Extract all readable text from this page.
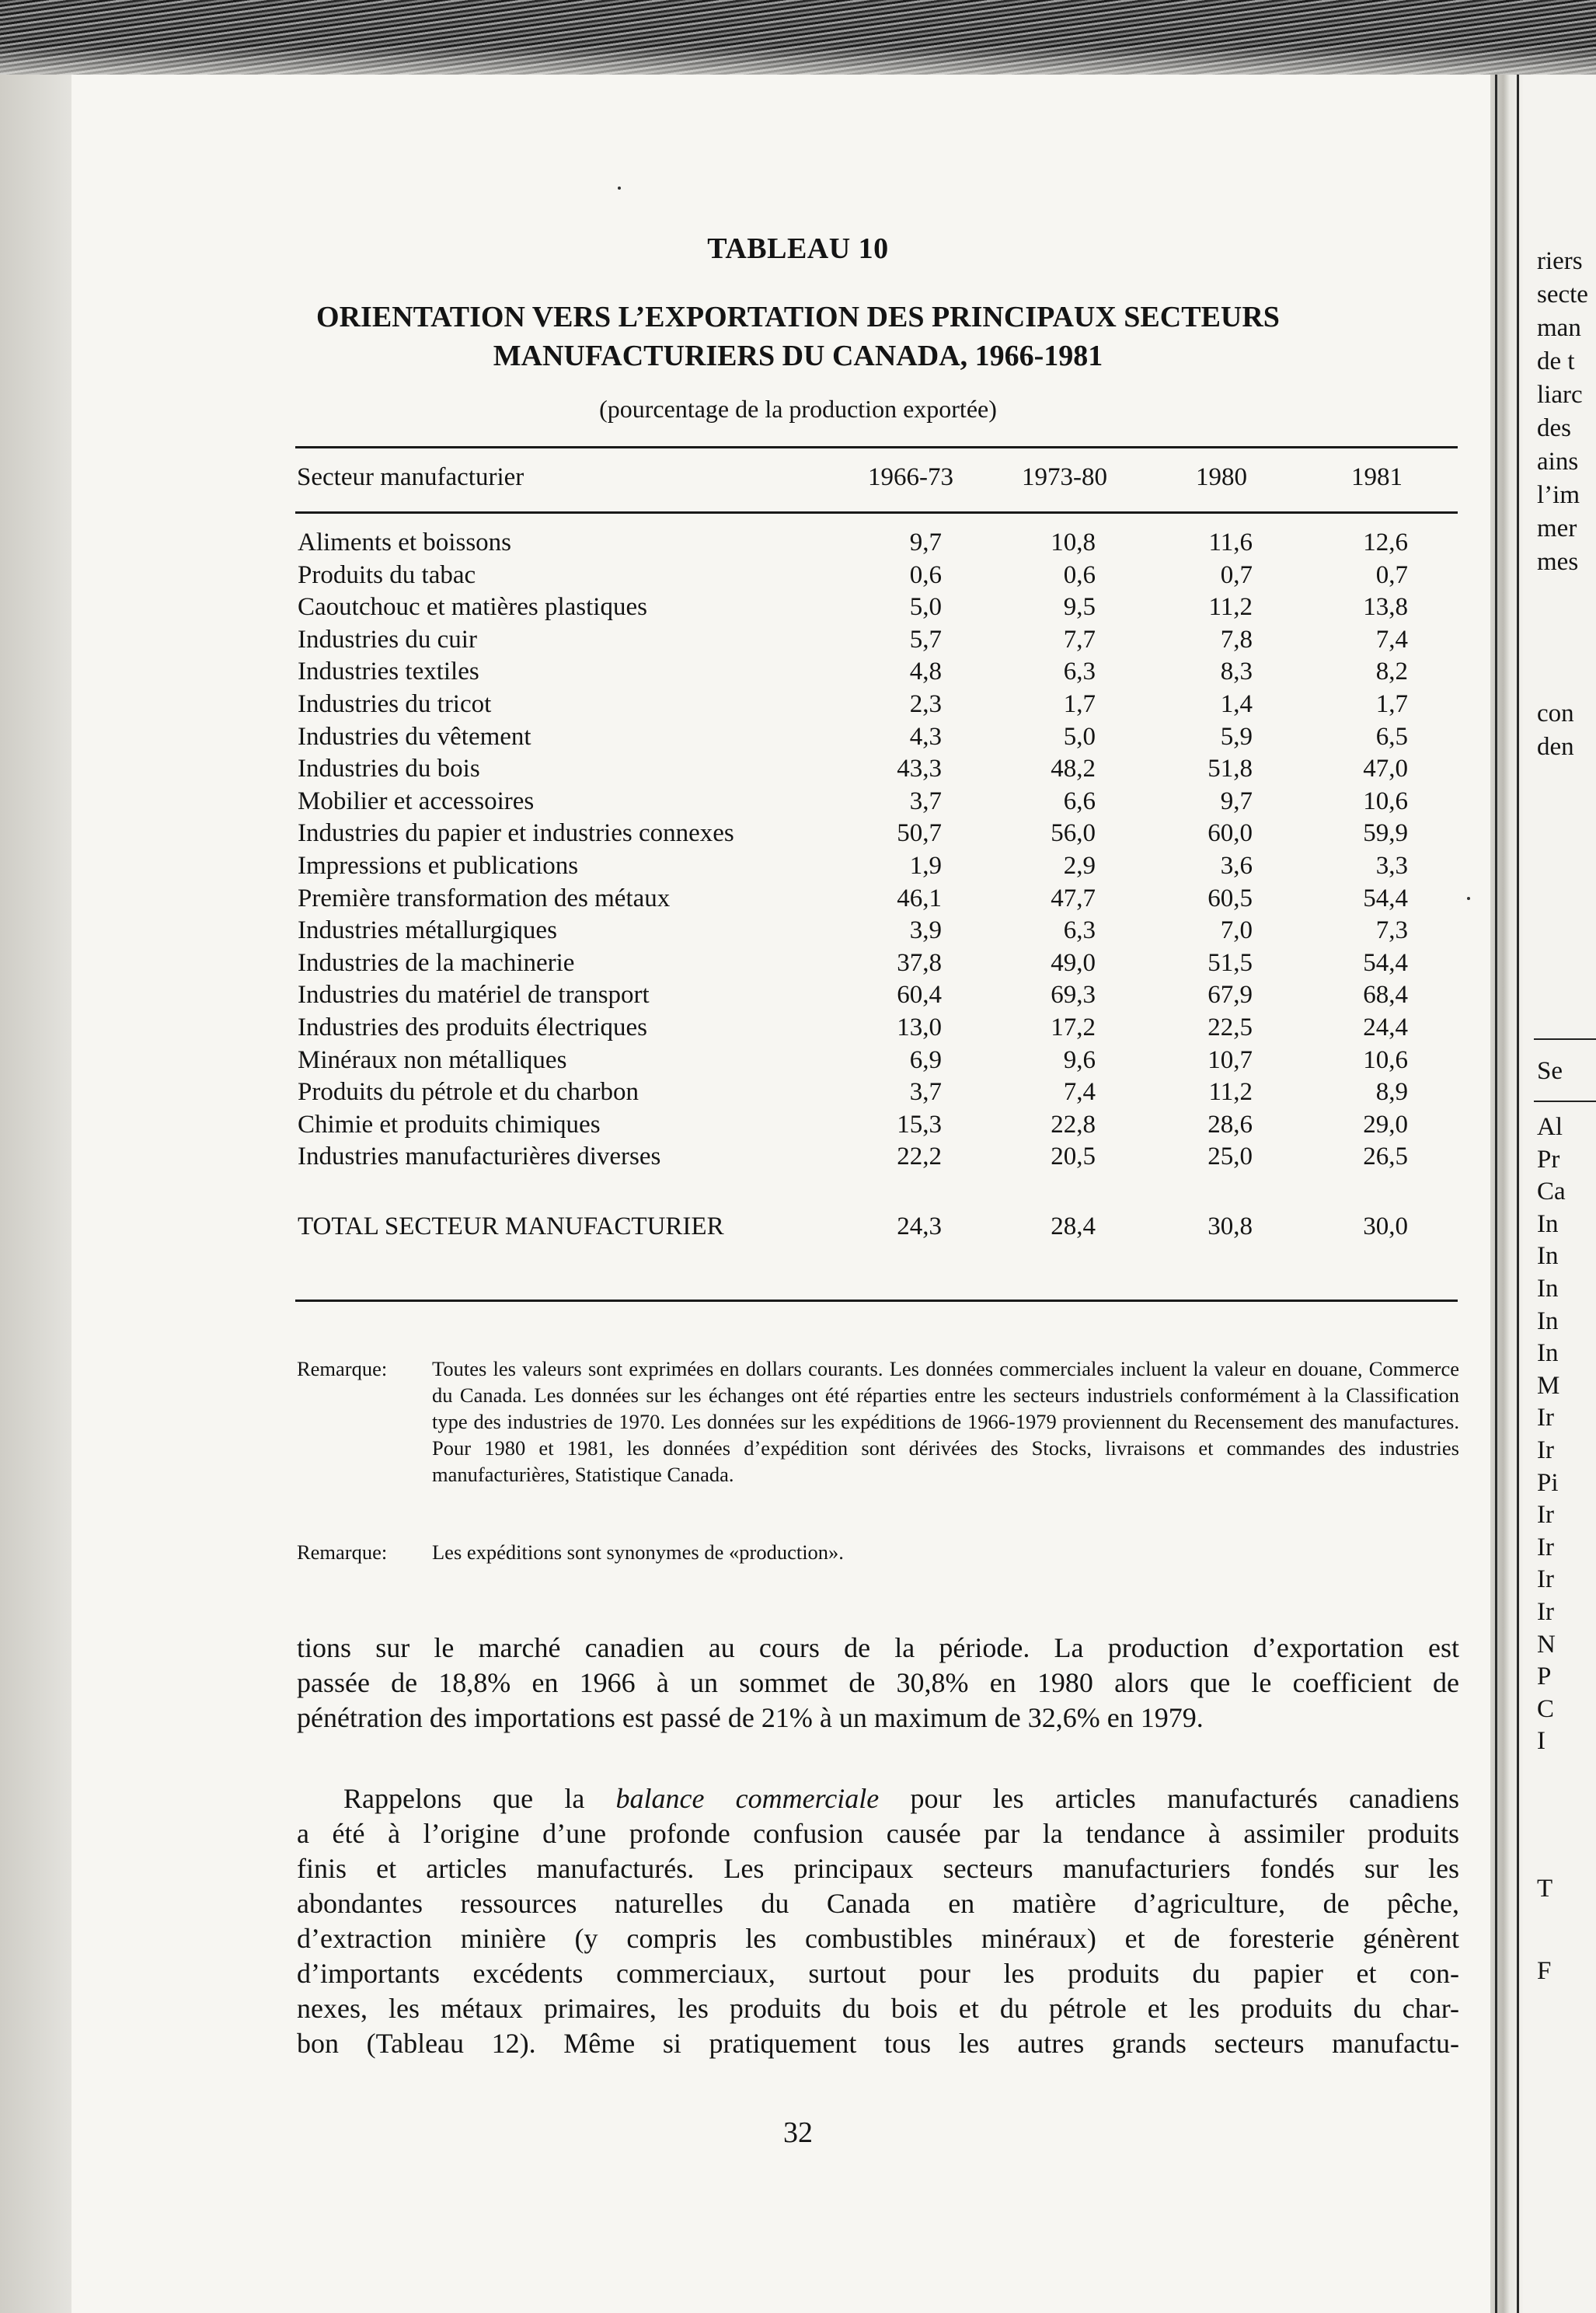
riers
secte
man
de t
liarc
des
ains
l’im
mer
mes
con
den
Se
Al
Pr
Ca
In
In
In
In
In
M
Ir
Ir
Pi
Ir
Ir
Ir
Ir
N
P
C
I
T
F
TABLEAU 10
ORIENTATION VERS L’EXPORTATION DES PRINCIPAUX SECTEURS
MANUFACTURIERS DU CANADA, 1966-1981
(pourcentage de la production exportée)
Secteur manufacturier	1966-73	1973-80	1980	1981
Aliments et boissons	9,7	10,8	11,6	12,6
Produits du tabac	0,6	0,6	0,7	0,7
Caoutchouc et matières plastiques	5,0	9,5	11,2	13,8
Industries du cuir	5,7	7,7	7,8	7,4
Industries textiles	4,8	6,3	8,3	8,2
Industries du tricot	2,3	1,7	1,4	1,7
Industries du vêtement	4,3	5,0	5,9	6,5
Industries du bois	43,3	48,2	51,8	47,0
Mobilier et accessoires	3,7	6,6	9,7	10,6
Industries du papier et industries connexes	50,7	56,0	60,0	59,9
Impressions et publications	1,9	2,9	3,6	3,3
Première transformation des métaux	46,1	47,7	60,5	54,4
Industries métallurgiques	3,9	6,3	7,0	7,3
Industries de la machinerie	37,8	49,0	51,5	54,4
Industries du matériel de transport	60,4	69,3	67,9	68,4
Industries des produits électriques	13,0	17,2	22,5	24,4
Minéraux non métalliques	6,9	9,6	10,7	10,6
Produits du pétrole et du charbon	3,7	7,4	11,2	8,9
Chimie et produits chimiques	15,3	22,8	28,6	29,0
Industries manufacturières diverses	22,2	20,5	25,0	26,5
TOTAL SECTEUR MANUFACTURIER	24,3	28,4	30,8	30,0
Remarque: Toutes les valeurs sont exprimées en dollars courants. Les données commerciales incluent la valeur en douane, Commerce du Canada. Les données sur les échanges ont été réparties entre les secteurs industriels conformément à la Classification type des industries de 1970. Les données sur les expéditions de 1966-1979 proviennent du Recensement des manufactures. Pour 1980 et 1981, les données d’expédition sont dérivées des Stocks, livraisons et commandes des industries manufacturières, Statistique Canada.
Remarque: Les expéditions sont synonymes de «production».
tions sur le marché canadien au cours de la période. La production d’exportation est
passée de 18,8% en 1966 à un sommet de 30,8% en 1980 alors que le coefficient de
pénétration des importations est passé de 21% à un maximum de 32,6% en 1979.
Rappelons que la balance commerciale pour les articles manufacturés canadiens
a été à l’origine d’une profonde confusion causée par la tendance à assimiler produits
finis et articles manufacturés. Les principaux secteurs manufacturiers fondés sur les
abondantes ressources naturelles du Canada en matière d’agriculture, de pêche,
d’extraction minière (y compris les combustibles minéraux) et de foresterie génèrent
d’importants excédents commerciaux, surtout pour les produits du papier et con-
nexes, les métaux primaires, les produits du bois et du pétrole et les produits du char-
bon (Tableau 12). Même si pratiquement tous les autres grands secteurs manufactu-
32
